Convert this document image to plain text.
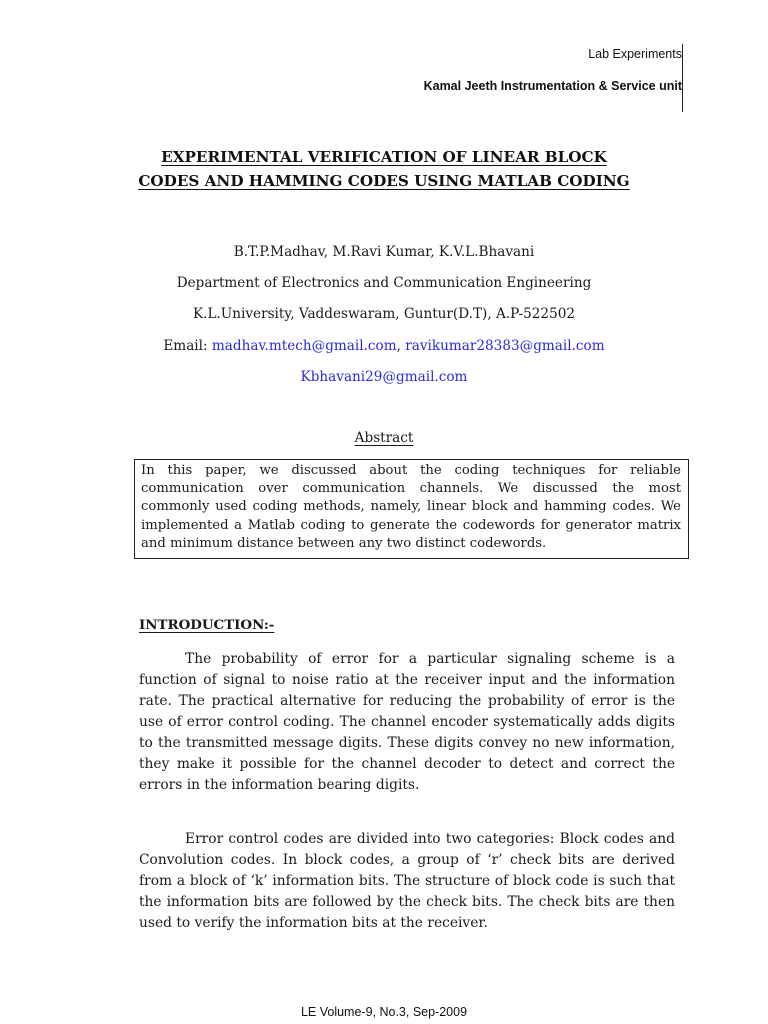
Lab Experiments
Kamal Jeeth Instrumentation & Service unit
EXPERIMENTAL VERIFICATION OF LINEAR BLOCK
CODES AND HAMMING CODES USING MATLAB CODING
B.T.P.Madhav, M.Ravi Kumar, K.V.L.Bhavani
Department of Electronics and Communication Engineering
K.L.University, Vaddeswaram, Guntur(D.T), A.P-522502
Email: madhav.mtech@gmail.com, ravikumar28383@gmail.com
Kbhavani29@gmail.com
Abstract
In this paper, we discussed about the coding techniques for reliable communication over communication channels. We discussed the most commonly used coding methods, namely, linear block and hamming codes. We implemented a Matlab coding to generate the codewords for generator matrix and minimum distance between any two distinct codewords.
INTRODUCTION:-
The probability of error for a particular signaling scheme is a function of signal to noise ratio at the receiver input and the information rate. The practical alternative for reducing the probability of error is the use of error control coding. The channel encoder systematically adds digits to the transmitted message digits. These digits convey no new information, they make it possible for the channel decoder to detect and correct the errors in the information bearing digits.
Error control codes are divided into two categories: Block codes and Convolution codes. In block codes, a group of ‘r’ check bits are derived from a block of ‘k’ information bits. The structure of block code is such that the information bits are followed by the check bits. The check bits are then used to verify the information bits at the receiver.
LE Volume-9, No.3, Sep-2009
